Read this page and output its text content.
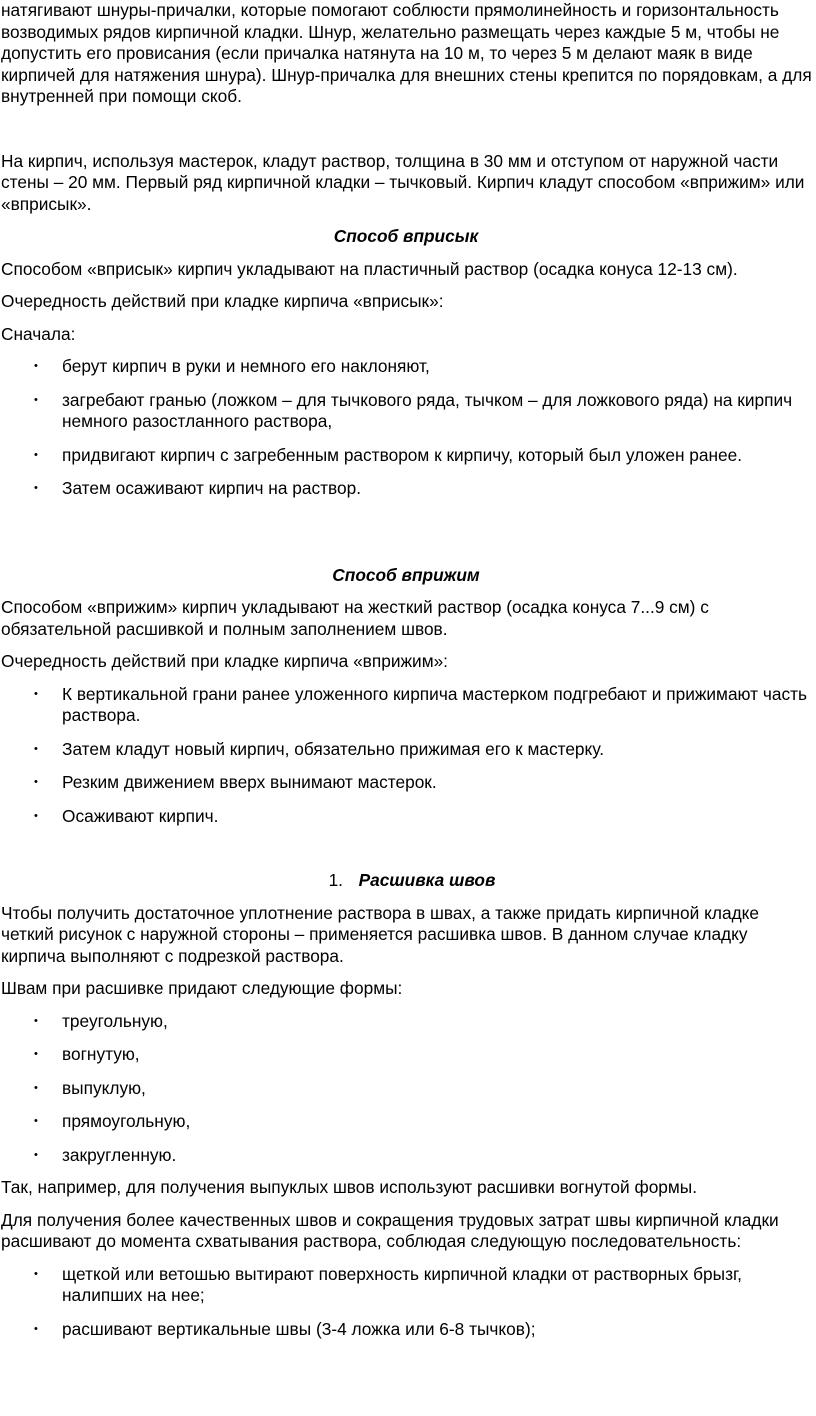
натягивают шнуры-причалки, которые помогают соблюсти прямолинейность и горизонтальность возводимых рядов кирпичной кладки. Шнур, желательно размещать через каждые 5 м, чтобы не допустить его провисания (если причалка натянута на 10 м, то через 5 м делают маяк в виде кирпичей для натяжения шнура). Шнур-причалка для внешних стены крепится по порядовкам, а для внутренней при помощи скоб.

На кирпич, используя мастерок, кладут раствор, толщина в 30 мм и отступом от наружной части стены – 20 мм. Первый ряд кирпичной кладки – тычковый. Кирпич кладут способом «вприжим» или «вприсык».

Способ вприсык

Способом «вприсык» кирпич укладывают на пластичный раствор (осадка конуса 12-13 см).

Очередность действий при кладке кирпича «вприсык»:

Сначала:

• берут кирпич в руки и немного его наклоняют,
• загребают гранью (ложком – для тычкового ряда, тычком – для ложкового ряда) на кирпич немного разостланного раствора,
• придвигают кирпич с загребенным раствором к кирпичу, который был уложен ранее.
• Затем осаживают кирпич на раствор.
Способ вприжим

Способом «вприжим» кирпич укладывают на жесткий раствор (осадка конуса 7...9 см) с обязательной расшивкой и полным заполнением швов.

Очередность действий при кладке кирпича «вприжим»:

• К вертикальной грани ранее уложенного кирпича мастерком подгребают и прижимают часть раствора.
• Затем кладут новый кирпич, обязательно прижимая его к мастерку.
• Резким движением вверх вынимают мастерок.
• Осаживают кирпич.
1. Расшивка швов

Чтобы получить достаточное уплотнение раствора в швах, а также придать кирпичной кладке четкий рисунок с наружной стороны – применяется расшивка швов. В данном случае кладку кирпича выполняют с подрезкой раствора.

Швам при расшивке придают следующие формы:

• треугольную,
• вогнутую,
• выпуклую,
• прямоугольную,
• закругленную.

Так, например, для получения выпуклых швов используют расшивки вогнутой формы.

Для получения более качественных швов и сокращения трудовых затрат швы кирпичной кладки расшивают до момента схватывания раствора, соблюдая следующую последовательность:

• щеткой или ветошью вытирают поверхность кирпичной кладки от растворных брызг, налипших на нее;
• расшивают вертикальные швы (3-4 ложка или 6-8 тычков);
